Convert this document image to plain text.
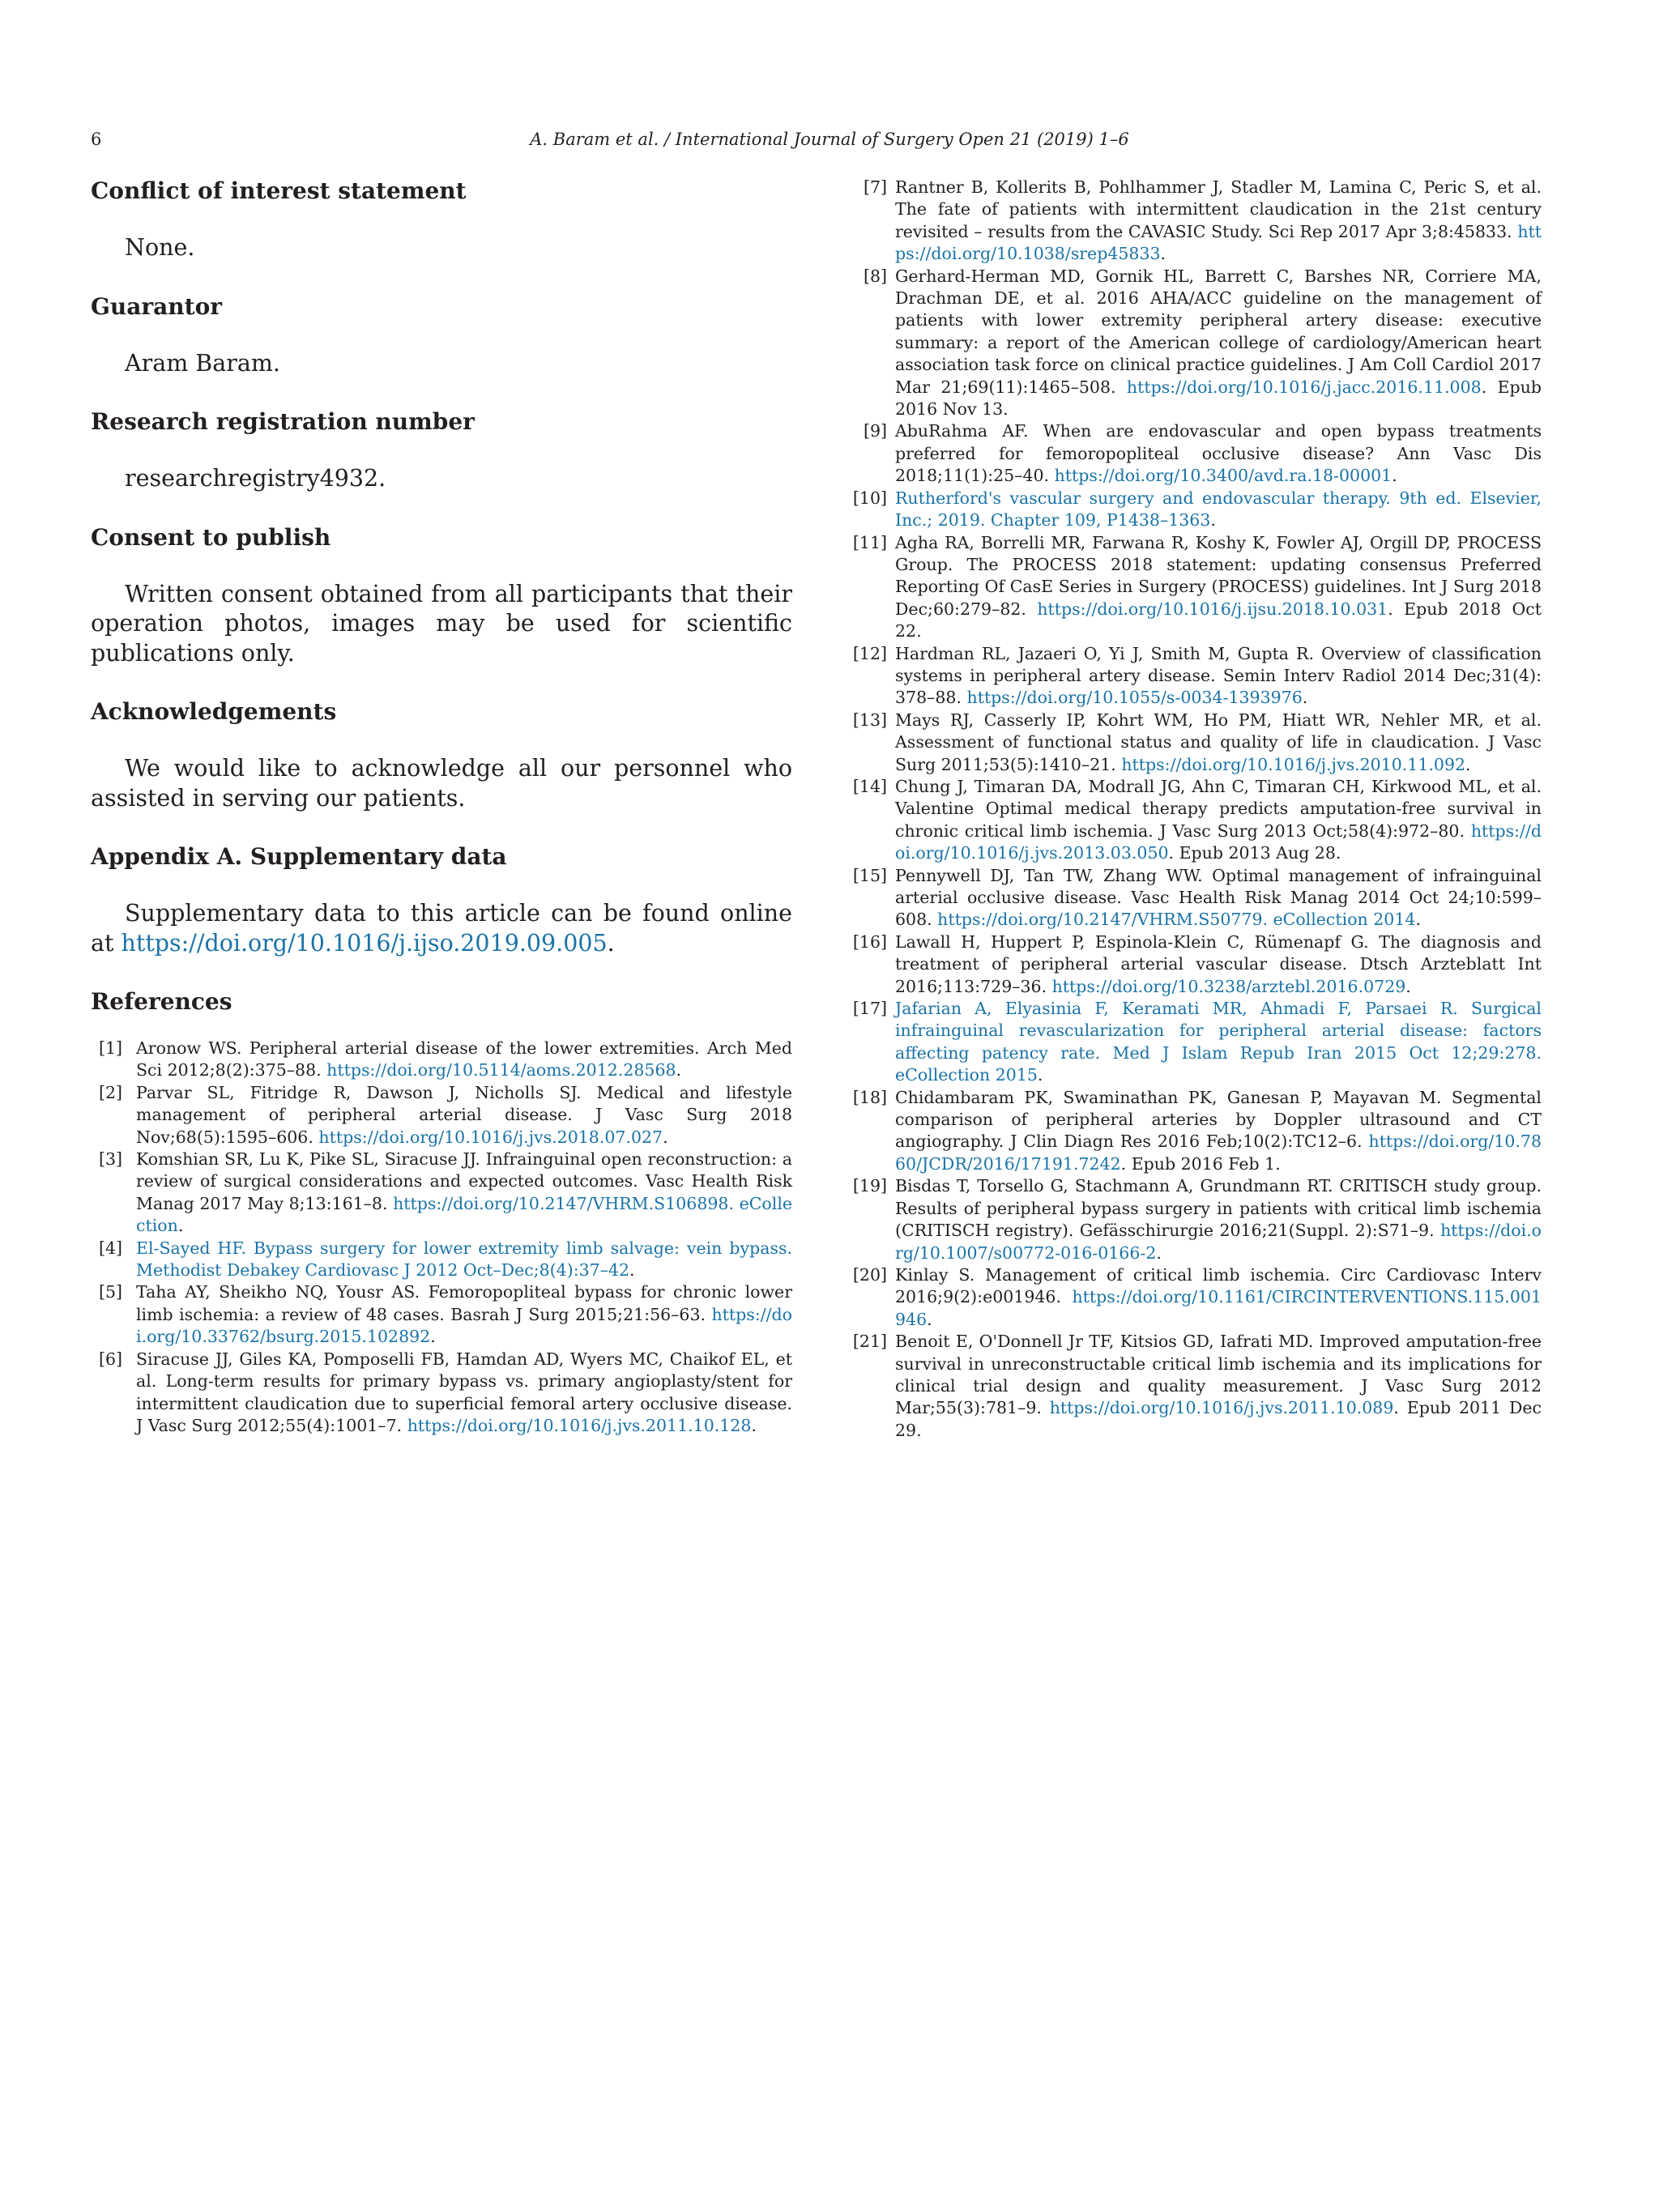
6	A. Baram et al. / International Journal of Surgery Open 21 (2019) 1–6
Conflict of interest statement

None.

Guarantor

Aram Baram.

Research registration number

researchregistry4932.

Consent to publish

Written consent obtained from all participants that their operation photos, images may be used for scientific publications only.

Acknowledgements

We would like to acknowledge all our personnel who assisted in serving our patients.

Appendix A. Supplementary data

Supplementary data to this article can be found online at https://doi.org/10.1016/j.ijso.2019.09.005.

References
[1] Aronow WS. Peripheral arterial disease of the lower extremities. Arch Med Sci 2012;8(2):375–88. https://doi.org/10.5114/aoms.2012.28568.
[2] Parvar SL, Fitridge R, Dawson J, Nicholls SJ. Medical and lifestyle management of peripheral arterial disease. J Vasc Surg 2018 Nov;68(5):1595–606. https://doi.org/10.1016/j.jvs.2018.07.027.
[3] Komshian SR, Lu K, Pike SL, Siracuse JJ. Infrainguinal open reconstruction: a review of surgical considerations and expected outcomes. Vasc Health Risk Manag 2017 May 8;13:161–8. https://doi.org/10.2147/VHRM.S106898. eCollection.
[4] El-Sayed HF. Bypass surgery for lower extremity limb salvage: vein bypass. Methodist Debakey Cardiovasc J 2012 Oct–Dec;8(4):37–42.
[5] Taha AY, Sheikho NQ, Yousr AS. Femoropopliteal bypass for chronic lower limb ischemia: a review of 48 cases. Basrah J Surg 2015;21:56–63. https://doi.org/10.33762/bsurg.2015.102892.
[6] Siracuse JJ, Giles KA, Pomposelli FB, Hamdan AD, Wyers MC, Chaikof EL, et al. Long-term results for primary bypass vs. primary angioplasty/stent for intermittent claudication due to superficial femoral artery occlusive disease. J Vasc Surg 2012;55(4):1001–7. https://doi.org/10.1016/j.jvs.2011.10.128.
[7] Rantner B, Kollerits B, Pohlhammer J, Stadler M, Lamina C, Peric S, et al. The fate of patients with intermittent claudication in the 21st century revisited – results from the CAVASIC Study. Sci Rep 2017 Apr 3;8:45833. https://doi.org/10.1038/srep45833.
[8] Gerhard-Herman MD, Gornik HL, Barrett C, Barshes NR, Corriere MA, Drachman DE, et al. 2016 AHA/ACC guideline on the management of patients with lower extremity peripheral artery disease: executive summary: a report of the American college of cardiology/American heart association task force on clinical practice guidelines. J Am Coll Cardiol 2017 Mar 21;69(11):1465–508. https://doi.org/10.1016/j.jacc.2016.11.008. Epub 2016 Nov 13.
[9] AbuRahma AF. When are endovascular and open bypass treatments preferred for femoropopliteal occlusive disease? Ann Vasc Dis 2018;11(1):25–40. https://doi.org/10.3400/avd.ra.18-00001.
[10] Rutherford's vascular surgery and endovascular therapy. 9th ed. Elsevier, Inc.; 2019. Chapter 109, P1438–1363.
[11] Agha RA, Borrelli MR, Farwana R, Koshy K, Fowler AJ, Orgill DP, PROCESS Group. The PROCESS 2018 statement: updating consensus Preferred Reporting Of CasE Series in Surgery (PROCESS) guidelines. Int J Surg 2018 Dec;60:279–82. https://doi.org/10.1016/j.ijsu.2018.10.031. Epub 2018 Oct 22.
[12] Hardman RL, Jazaeri O, Yi J, Smith M, Gupta R. Overview of classification systems in peripheral artery disease. Semin Interv Radiol 2014 Dec;31(4): 378–88. https://doi.org/10.1055/s-0034-1393976.
[13] Mays RJ, Casserly IP, Kohrt WM, Ho PM, Hiatt WR, Nehler MR, et al. Assessment of functional status and quality of life in claudication. J Vasc Surg 2011;53(5):1410–21. https://doi.org/10.1016/j.jvs.2010.11.092.
[14] Chung J, Timaran DA, Modrall JG, Ahn C, Timaran CH, Kirkwood ML, et al. Valentine Optimal medical therapy predicts amputation-free survival in chronic critical limb ischemia. J Vasc Surg 2013 Oct;58(4):972–80. https://doi.org/10.1016/j.jvs.2013.03.050. Epub 2013 Aug 28.
[15] Pennywell DJ, Tan TW, Zhang WW. Optimal management of infrainguinal arterial occlusive disease. Vasc Health Risk Manag 2014 Oct 24;10:599–608. https://doi.org/10.2147/VHRM.S50779. eCollection 2014.
[16] Lawall H, Huppert P, Espinola-Klein C, Rümenapf G. The diagnosis and treatment of peripheral arterial vascular disease. Dtsch Arzteblatt Int 2016;113:729–36. https://doi.org/10.3238/arztebl.2016.0729.
[17] Jafarian A, Elyasinia F, Keramati MR, Ahmadi F, Parsaei R. Surgical infrainguinal revascularization for peripheral arterial disease: factors affecting patency rate. Med J Islam Repub Iran 2015 Oct 12;29:278. eCollection 2015.
[18] Chidambaram PK, Swaminathan PK, Ganesan P, Mayavan M. Segmental comparison of peripheral arteries by Doppler ultrasound and CT angiography. J Clin Diagn Res 2016 Feb;10(2):TC12–6. https://doi.org/10.7860/JCDR/2016/17191.7242. Epub 2016 Feb 1.
[19] Bisdas T, Torsello G, Stachmann A, Grundmann RT. CRITISCH study group. Results of peripheral bypass surgery in patients with critical limb ischemia (CRITISCH registry). Gefässchirurgie 2016;21(Suppl. 2):S71–9. https://doi.org/10.1007/s00772-016-0166-2.
[20] Kinlay S. Management of critical limb ischemia. Circ Cardiovasc Interv 2016;9(2):e001946. https://doi.org/10.1161/CIRCINTERVENTIONS.115.001946.
[21] Benoit E, O'Donnell Jr TF, Kitsios GD, Iafrati MD. Improved amputation-free survival in unreconstructable critical limb ischemia and its implications for clinical trial design and quality measurement. J Vasc Surg 2012 Mar;55(3):781–9. https://doi.org/10.1016/j.jvs.2011.10.089. Epub 2011 Dec 29.
